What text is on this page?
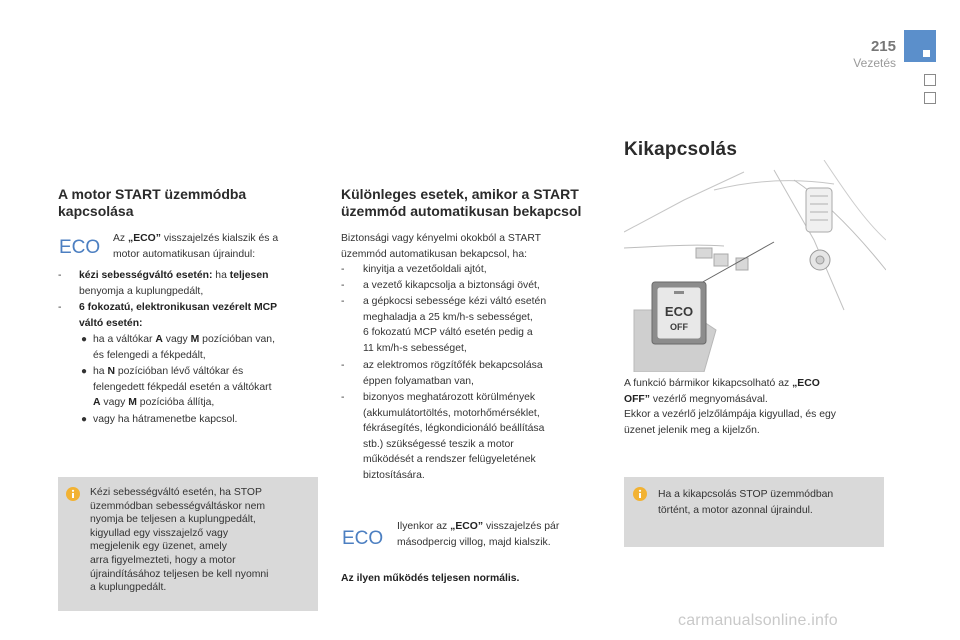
215
Vezetés
A motor START üzemmódba
kapcsolása
ECO Az „ECO” visszajelzés kialszik és a
motor automatikusan újraindul:
- kézi sebességváltó esetén: ha teljesen
benyomja a kuplungpedált,
- 6 fokozatú, elektronikusan vezérelt MCP
váltó esetén:
● ha a váltókar A vagy M pozícióban van,
és felengedi a fékpedált,
● ha N pozícióban lévő váltókar és
felengedett fékpedál esetén a váltókart
A vagy M pozícióba állítja,
● vagy ha hátramenetbe kapcsol.
Kézi sebességváltó esetén, ha STOP
üzemmódban sebességváltáskor nem
nyomja be teljesen a kuplungpedált,
kigyullad egy visszajelző vagy
megjelenik egy üzenet, amely
arra figyelmezteti, hogy a motor
újraindításához teljesen be kell nyomni
a kuplungpedált.
Különleges esetek, amikor a START
üzemmód automatikusan bekapcsol
Biztonsági vagy kényelmi okokból a START
üzemmód automatikusan bekapcsol, ha:
- kinyitja a vezetőoldali ajtót,
- a vezető kikapcsolja a biztonsági övét,
- a gépkocsi sebessége kézi váltó esetén
meghaladja a 25 km/h-s sebességet,
6 fokozatú MCP váltó esetén pedig a
11 km/h-s sebességet,
- az elektromos rögzítőfék bekapcsolása
éppen folyamatban van,
- bizonyos meghatározott körülmények
(akkumulátortöltés, motorhőmérséklet,
fékrásegítés, légkondicionáló beállítása
stb.) szükségessé teszik a motor
működését a rendszer felügyeletének
biztosítására.
ECO
Ilyenkor az „ECO” visszajelzés pár
másodpercig villog, majd kialszik.
Az ilyen működés teljesen normális.
Kikapcsolás
ECO
OFF
A funkció bármikor kikapcsolható az „ECO
OFF” vezérlő megnyomásával.
Ekkor a vezérlő jelzőlámpája kigyullad, és egy
üzenet jelenik meg a kijelzőn.
Ha a kikapcsolás STOP üzemmódban
történt, a motor azonnal újraindul.
carmanualsonline.info
